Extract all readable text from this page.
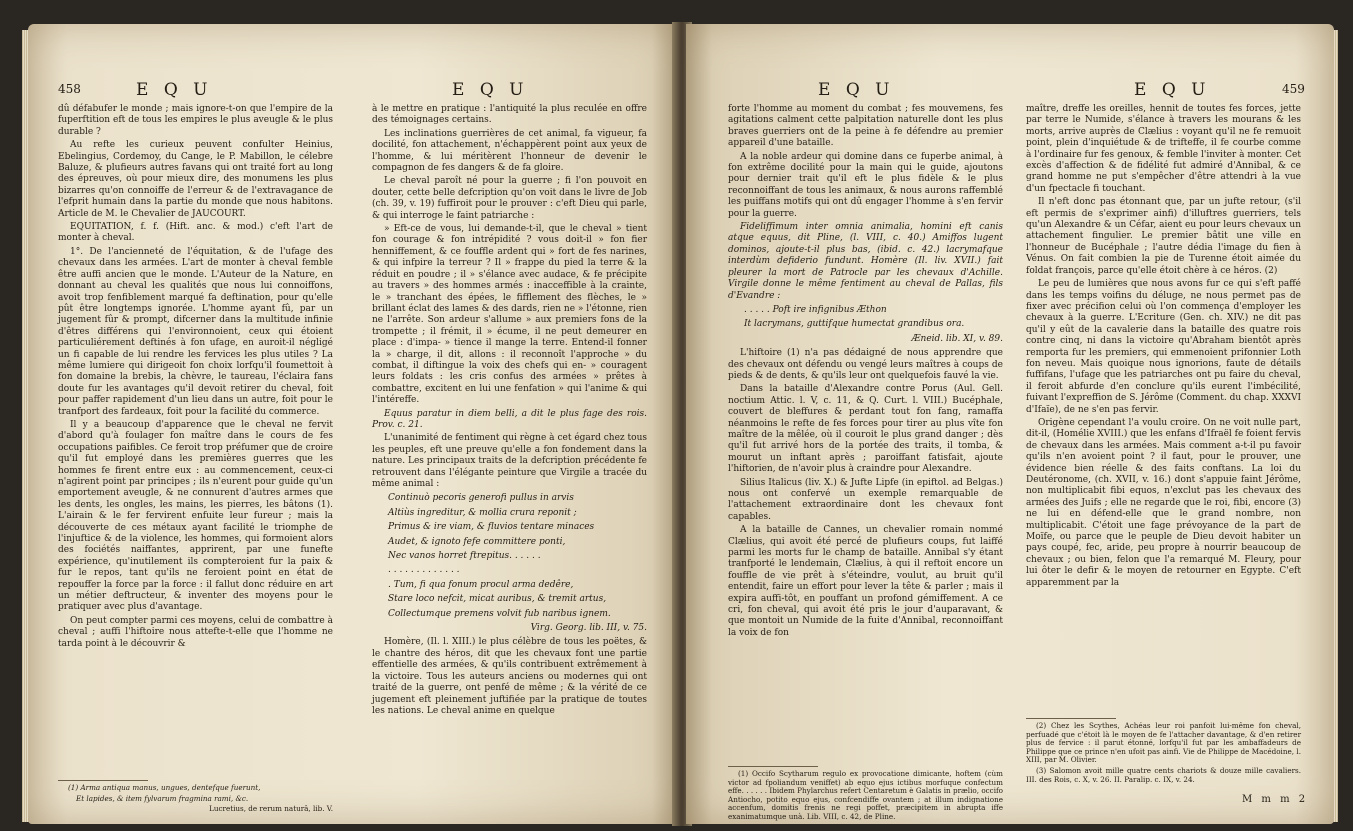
458	E Q U	E Q U

dû défabufer le monde ; mais ignore-t-on que l'empire de la fuperftition eft de tous les empires le plus aveugle & le plus durable ?

Au refte les curieux peuvent confulter Heinius, Ebelingius, Cordemoy, du Cange, le P. Mabillon, le célebre Baluze, & plufieurs autres favans qui ont traité fort au long des épreuves, où pour mieux dire, des monumens les plus bizarres qu'on connoiffe de l'erreur & de l'extravagance de l'efprit humain dans la partie du monde que nous habitons. Article de M. le Chevalier de JAUCOURT.

EQUITATION, f. f. (Hift. anc. & mod.) c'eft l'art de monter à cheval.

1°. De l'ancienneté de l'équitation, & de l'ufage des chevaux dans les armées. L'art de monter à cheval femble être auffi ancien que le monde. L'Auteur de la Nature, en donnant au cheval les qualités que nous lui connoiffons, avoit trop fenfiblement marqué fa deftination, pour qu'elle pût être longtemps ignorée. L'homme ayant fû, par un jugement fûr & prompt, difcerner dans la multitude infinie d'êtres différens qui l'environnoient, ceux qui étoient particuliérement deftinés à fon ufage, en auroit-il négligé un fi capable de lui rendre les fervices les plus utiles ? La même lumiere qui dirigeoit fon choix lorfqu'il foumettoit à fon domaine la brebis, la chèvre, le taureau, l'éclaira fans doute fur les avantages qu'il devoit retirer du cheval, foit pour paffer rapidement d'un lieu dans un autre, foit pour le tranfport des fardeaux, foit pour la facilité du commerce.

Il y a beaucoup d'apparence que le cheval ne fervit d'abord qu'à foulager fon maître dans le cours de fes occupations paifibles. Ce feroit trop préfumer que de croire qu'il fut employé dans les premières guerres que les hommes fe firent entre eux : au commencement, ceux-ci n'agirent point par principes ; ils n'eurent pour guide qu'un emportement aveugle, & ne connurent d'autres armes que les dents, les ongles, les mains, les pierres, les bâtons (1). L'airain & le fer fervirent enfuite leur fureur ; mais la découverte de ces métaux ayant facilité le triomphe de l'injuftice & de la violence, les hommes, qui formoient alors des fociétés naiffantes, apprirent, par une funefte expérience, qu'inutilement ils compteroient fur la paix & fur le repos, tant qu'ils ne feroient point en état de repouffer la force par la force : il fallut donc réduire en art un métier deftructeur, & inventer des moyens pour le pratiquer avec plus d'avantage.

On peut compter parmi ces moyens, celui de combattre à cheval ; auffi l'hiftoire nous attefte-t-elle que l'homme ne tarda point à le découvrir &

(1) Arma antiqua manus, ungues, dentefque fuerunt,

Et lapides, & item fylvarum fragmina rami, &c.

Lucretius, de rerum naturâ, lib. V.

à le mettre en pratique : l'antiquité la plus reculée en offre des témoignages certains.

Les inclinations guerrières de cet animal, fa vigueur, fa docilité, fon attachement, n'échappèrent point aux yeux de l'homme, & lui méritèrent l'honneur de devenir le compagnon de fes dangers & de fa gloire.

Le cheval paroît né pour la guerre ; fi l'on pouvoit en douter, cette belle defcription qu'on voit dans le livre de Job (ch. 39, v. 19) fuffiroit pour le prouver : c'eft Dieu qui parle, & qui interroge le faint patriarche :

» Eft-ce de vous, lui demande-t-il, que le cheval » tient fon courage & fon intrépidité ? vous doit-il » fon fier henniffement, & ce fouffle ardent qui » fort de fes narines, & qui infpire la terreur ? Il » frappe du pied la terre & la réduit en poudre ; il » s'élance avec audace, & fe précipite au travers » des hommes armés : inacceffible à la crainte, le » tranchant des épées, le fifflement des flèches, le » brillant éclat des lames & des dards, rien ne » l'étonne, rien ne l'arrête. Son ardeur s'allume » aux premiers fons de la trompette ; il frémit, il » écume, il ne peut demeurer en place : d'impa- » tience il mange la terre. Entend-il fonner la » charge, il dit, allons : il reconnoît l'approche » du combat, il diftingue la voix des chefs qui en- » couragent leurs foldats : les cris confus des armées » prêtes à combattre, excitent en lui une fenfation » qui l'anime & qui l'intéreffe.

Equus paratur in diem belli, a dit le plus fage des rois. Prov. c. 21.

L'unanimité de fentiment qui règne à cet égard chez tous les peuples, eft une preuve qu'elle a fon fondement dans la nature. Les principaux traits de la defcription précédente fe retrouvent dans l'élégante peinture que Virgile a tracée du même animal :

Continuò pecoris generofi pullus in arvis
Altiùs ingreditur, & mollia crura reponit ;
Primus & ire viam, & fluvios tentare minaces
Audet, & ignoto fefe committere ponti,
Nec vanos horret ftrepitus. . . . . .
. . . . . . . . . . . . .
. Tum, fi qua fonum procul arma dedêre,
Stare loco nefcit, micat auribus, & tremit artus,
Collectumque premens volvit fub naribus ignem.
Virg. Georg. lib. III, v. 75.

Homère, (Il. l. XIII.) le plus célèbre de tous les poëtes, & le chantre des héros, dit que les chevaux font une partie effentielle des armées, & qu'ils contribuent extrêmement à la victoire. Tous les auteurs anciens ou modernes qui ont traité de la guerre, ont penfé de même ; & la vérité de ce jugement eft pleinement juftifiée par la pratique de toutes les nations. Le cheval anime en quelque

E Q U	E Q U	459

forte l'homme au moment du combat ; fes mouvemens, fes agitations calment cette palpitation naturelle dont les plus braves guerriers ont de la peine à fe défendre au premier appareil d'une bataille.

A la noble ardeur qui domine dans ce fuperbe animal, à fon extrême docilité pour la main qui le guide, ajoutons pour dernier trait qu'il eft le plus fidèle & le plus reconnoiffant de tous les animaux, & nous aurons raffemblé les puiffans motifs qui ont dû engager l'homme à s'en fervir pour la guerre.

Fideliffimum inter omnia animalia, homini eft canis atque equus, dit Pline, (l. VIII, c. 40.) Amiffos lugent dominos, ajoute-t-il plus bas, (ibid. c. 42.) lacrymafque interdùm defiderio fundunt. Homère (Il. liv. XVII.) fait pleurer la mort de Patrocle par les chevaux d'Achille. Virgile donne le même fentiment au cheval de Pallas, fils d'Evandre :

. . . . . Poft ire infignibus Æthon
It lacrymans, guttifque humectat grandibus ora.
Æneid. lib. XI, v. 89.

L'hiftoire (1) n'a pas dédaigné de nous apprendre que des chevaux ont défendu ou vengé leurs maîtres à coups de pieds & de dents, & qu'ils leur ont quelquefois fauvé la vie.

Dans la bataille d'Alexandre contre Porus (Aul. Gell. noctium Attic. l. V, c. 11, & Q. Curt. l. VIII.) Bucéphale, couvert de bleffures & perdant tout fon fang, ramaffa néanmoins le refte de fes forces pour tirer au plus vîte fon maître de la mêlée, où il couroit le plus grand danger ; dès qu'il fut arrivé hors de la portée des traits, il tomba, & mourut un inftant après ; paroiffant fatisfait, ajoute l'hiftorien, de n'avoir plus à craindre pour Alexandre.

Silius Italicus (liv. X.) & Jufte Lipfe (in epiftol. ad Belgas.) nous ont confervé un exemple remarquable de l'attachement extraordinaire dont les chevaux font capables.

A la bataille de Cannes, un chevalier romain nommé Clælius, qui avoit été percé de plufieurs coups, fut laiffé parmi les morts fur le champ de bataille. Annibal s'y étant tranfporté le lendemain, Clælius, à qui il reftoit encore un fouffle de vie prêt à s'éteindre, voulut, au bruit qu'il entendit, faire un effort pour lever la tête & parler ; mais il expira auffi-tôt, en pouffant un profond gémiffement. A ce cri, fon cheval, qui avoit été pris le jour d'auparavant, & que montoit un Numide de la fuite d'Annibal, reconnoiffant la voix de fon

(1) Occifo Scytharum regulo ex provocatione dimicante, hoftem (cùm victor ad fpoliandum veniffet) ab equo ejus ictibus morfuque confectum effe. . . . . . Ibidem Phylarchus refert Centaretum è Galatis in prælio, occifo Antiocho, potito equo ejus, confcendiffe ovantem ; at illum indignatione accenfum, domitis frenis ne regi poffet, præcipitem in abrupta iffe exanimatumque unà. Lib. VIII, c. 42, de Pline.

maître, dreffe les oreilles, hennit de toutes fes forces, jette par terre le Numide, s'élance à travers les mourans & les morts, arrive auprès de Clælius : voyant qu'il ne fe remuoit point, plein d'inquiétude & de trifteffe, il fe courbe comme à l'ordinaire fur fes genoux, & femble l'inviter à monter. Cet excès d'affection & de fidélité fut admiré d'Annibal, & ce grand homme ne put s'empêcher d'être attendri à la vue d'un fpectacle fi touchant.

Il n'eft donc pas étonnant que, par un jufte retour, (s'il eft permis de s'exprimer ainfi) d'illuftres guerriers, tels qu'un Alexandre & un Céfar, aient eu pour leurs chevaux un attachement fingulier. Le premier bâtit une ville en l'honneur de Bucéphale ; l'autre dédia l'image du fien à Vénus. On fait combien la pie de Turenne étoit aimée du foldat françois, parce qu'elle étoit chère à ce héros. (2)

Le peu de lumières que nous avons fur ce qui s'eft paffé dans les temps voifins du déluge, ne nous permet pas de fixer avec précifion celui où l'on commença d'employer les chevaux à la guerre. L'Ecriture (Gen. ch. XIV.) ne dit pas qu'il y eût de la cavalerie dans la bataille des quatre rois contre cinq, ni dans la victoire qu'Abraham bientôt après remporta fur les premiers, qui emmenoient prifonnier Loth fon neveu. Mais quoique nous ignorions, faute de détails fuffifans, l'ufage que les patriarches ont pu faire du cheval, il feroit abfurde d'en conclure qu'ils eurent l'imbécilité, fuivant l'expreffion de S. Jérôme (Comment. du chap. XXXVI d'Ifaïe), de ne s'en pas fervir.

Origène cependant l'a voulu croire. On ne voit nulle part, dit-il, (Homélie XVIII.) que les enfans d'Ifraël fe foient fervis de chevaux dans les armées. Mais comment a-t-il pu favoir qu'ils n'en avoient point ? il faut, pour le prouver, une évidence bien réelle & des faits conftans. La loi du Deutéronome, (ch. XVII, v. 16.) dont s'appuie faint Jérôme, non multiplicabit fibi equos, n'exclut pas les chevaux des armées des Juifs ; elle ne regarde que le roi, fibi, encore (3) ne lui en défend-elle que le grand nombre, non multiplicabit. C'étoit une fage prévoyance de la part de Moïfe, ou parce que le peuple de Dieu devoit habiter un pays coupé, fec, aride, peu propre à nourrir beaucoup de chevaux ; ou bien, felon que l'a remarqué M. Fleury, pour lui ôter le defir & le moyen de retourner en Egypte. C'eft apparemment par la

(2) Chez les Scythes, Achéas leur roi panfoit lui-même fon cheval, perfuadé que c'étoit là le moyen de fe l'attacher davantage, & d'en retirer plus de fervice : il parut étonné, lorfqu'il fut par les ambaffadeurs de Philippe que ce prince n'en ufoit pas ainfi. Vie de Philippe de Macédoine, l. XIII, par M. Olivier.

(3) Salomon avoit mille quatre cents chariots & douze mille cavaliers. III. des Rois, c. X, v. 26. II. Paralip. c. IX, v. 24.

M m m 2
